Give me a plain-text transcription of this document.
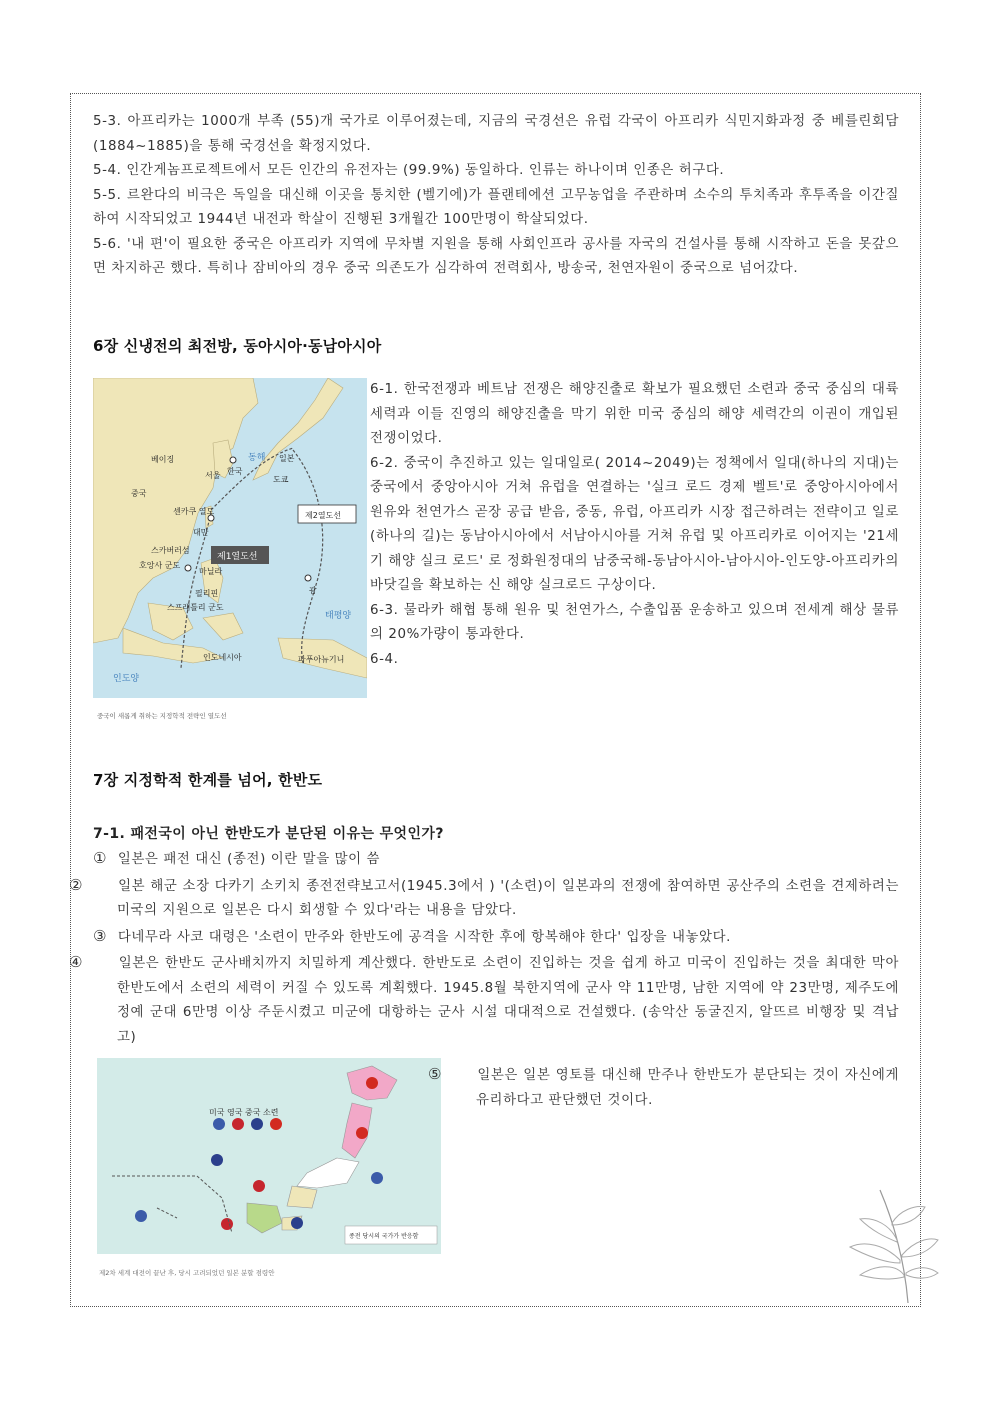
5-3. 아프리카는 1000개 부족 (55)개 국가로 이루어졌는데, 지금의 국경선은 유럽 각국이 아프리카 식민지화과정 중 베를린회담(1884~1885)을 통해 국경선을 확정지었다.

5-4. 인간게놈프로젝트에서 모든 인간의 유전자는 (99.9%) 동일하다. 인류는 하나이며 인종은 허구다.

5-5. 르완다의 비극은 독일을 대신해 이곳을 통치한 (벨기에)가 플랜테에션 고무농업을 주관하며 소수의 투치족과 후투족을 이간질하여 시작되었고 1944년 내전과 학살이 진행된 3개월간 100만명이 학살되었다.

5-6. '내 편'이 필요한 중국은 아프리카 지역에 무차별 지원을 통해 사회인프라 공사를 자국의 건설사를 통해 시작하고 돈을 못갚으면 차지하곤 했다. 특히나 잠비아의 경우 중국 의존도가 심각하여 전력회사, 방송국, 천연자원이 중국으로 넘어갔다.

6장 신냉전의 최전방, 동아시아·동남아시아
제2열도선
제1열도선
베이징
한국
서울
동해 일본
도쿄
중국
센카쿠 열도
대만
스카버러섬
호앙사 군도
마닐라
필리핀
스프래틀리 군도
괌
태평양
인도네시아	파푸아뉴기니
인도양
중국이 새롭게 취하는 지정학적 전략인 열도선

6-1. 한국전쟁과 베트남 전쟁은 해양진출로 확보가 필요했던 소련과 중국 중심의 대륙세력과 이들 진영의 해양진출을 막기 위한 미국 중심의 해양 세력간의 이권이 개입된 전쟁이었다.

6-2. 중국이 추진하고 있는 일대일로( 2014~2049)는 정책에서 일대(하나의 지대)는 중국에서 중앙아시아 거쳐 유럽을 연결하는 '실크 로드 경제 벨트'로 중앙아시아에서 원유와 천연가스 곧장 공급 받음, 중동, 유럽, 아프리카 시장 접근하려는 전략이고 일로(하나의 길)는 동남아시아에서 서남아시아를 거쳐 유럽 및 아프리카로 이어지는 '21세기 해양 실크 로드' 로 정화원정대의 남중국해-동남아시아-남아시아-인도양-아프리카의 바닷길을 확보하는 신 해양 실크로드 구상이다.

6-3. 물라카 해협 통해 원유 및 천연가스, 수출입품 운송하고 있으며 전세계 해상 물류의 20%가량이 통과한다.

6-4.

7장 지정학적 한계를 넘어, 한반도
7-1. 패전국이 아닌 한반도가 분단된 이유는 무엇인가?

① 일본은 패전 대신 (종전) 이란 말을 많이 씀

②	일본 해군 소장 다카기 소키치 종전전략보고서(1945.3에서 ) '(소련)이 일본과의 전쟁에 참여하면 공산주의 소련을 견제하려는 미국의 지원으로 일본은 다시 회생할 수 있다'라는 내용을 담았다.

③ 다네무라 사코 대령은 '소련이 만주와 한반도에 공격을 시작한 후에 항복해야 한다' 입장을 내놓았다.

④	일본은 한반도 군사배치까지 치밀하게 계산했다. 한반도로 소련이 진입하는 것을 쉽게 하고 미국이 진입하는 것을 최대한 막아 한반도에서 소련의 세력이 커질 수 있도록 계획했다. 1945.8월 북한지역에 군사 약 11만명, 남한 지역에 약 23만명, 제주도에 정예 군대 6만명 이상 주둔시켰고 미군에 대항하는 군사 시설 대대적으로 건설했다. (송악산 동굴진지, 알뜨르 비행장 및 격납고)

미국 영국 중국 소련
종전 당시의 국가가 반응함
제2차 세계 대전이 끝난 후, 당시 고려되었던 일본 분할 점령안
⑤	일본은 일본 영토를 대신해 만주나 한반도가 분단되는 것이 자신에게 유리하다고 판단했던 것이다.
